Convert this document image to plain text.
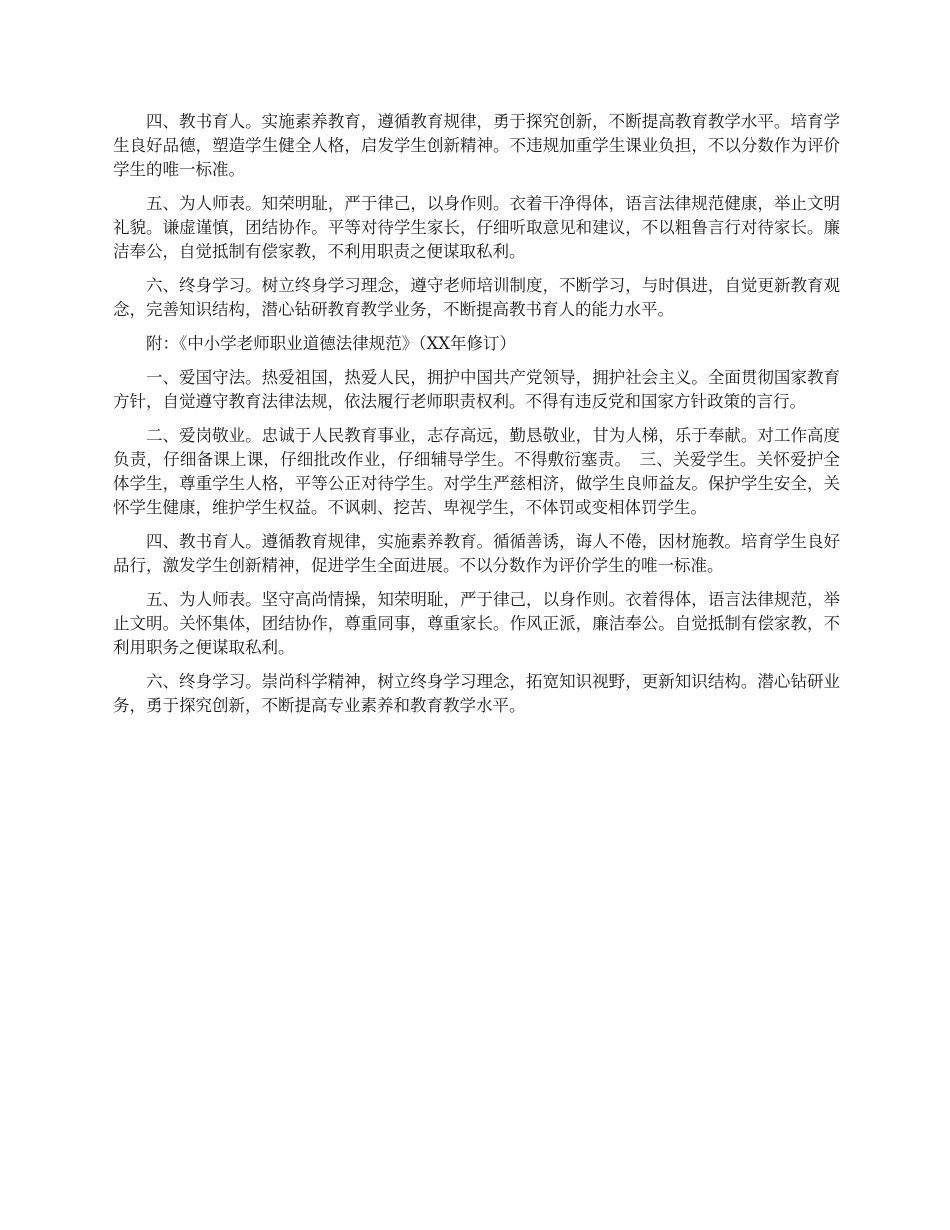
四、教书育人。实施素养教育，遵循教育规律，勇于探究创新，不断提高教育教学水平。培育学生良好品德，塑造学生健全人格，启发学生创新精神。不违规加重学生课业负担，不以分数作为评价学生的唯一标准。

五、为人师表。知荣明耻，严于律己，以身作则。衣着干净得体，语言法律规范健康，举止文明礼貌。谦虚谨慎，团结协作。平等对待学生家长，仔细听取意见和建议，不以粗鲁言行对待家长。廉洁奉公，自觉抵制有偿家教，不利用职责之便谋取私利。

六、终身学习。树立终身学习理念，遵守老师培训制度，不断学习，与时俱进，自觉更新教育观念，完善知识结构，潜心钻研教育教学业务，不断提高教书育人的能力水平。

附：《中小学老师职业道德法律规范》（XX年修订）

一、爱国守法。热爱祖国，热爱人民，拥护中国共产党领导，拥护社会主义。全面贯彻国家教育方针，自觉遵守教育法律法规，依法履行老师职责权利。不得有违反党和国家方针政策的言行。

二、爱岗敬业。忠诚于人民教育事业，志存高远，勤恳敬业，甘为人梯，乐于奉献。对工作高度负责，仔细备课上课，仔细批改作业，仔细辅导学生。不得敷衍塞责。　三、关爱学生。关怀爱护全体学生，尊重学生人格，平等公正对待学生。对学生严慈相济，做学生良师益友。保护学生安全，关怀学生健康，维护学生权益。不讽刺、挖苦、卑视学生，不体罚或变相体罚学生。

四、教书育人。遵循教育规律，实施素养教育。循循善诱，诲人不倦，因材施教。培育学生良好品行，激发学生创新精神，促进学生全面进展。不以分数作为评价学生的唯一标准。

五、为人师表。坚守高尚情操，知荣明耻，严于律己，以身作则。衣着得体，语言法律规范，举止文明。关怀集体，团结协作，尊重同事，尊重家长。作风正派，廉洁奉公。自觉抵制有偿家教，不利用职务之便谋取私利。

六、终身学习。崇尚科学精神，树立终身学习理念，拓宽知识视野，更新知识结构。潜心钻研业务，勇于探究创新，不断提高专业素养和教育教学水平。
